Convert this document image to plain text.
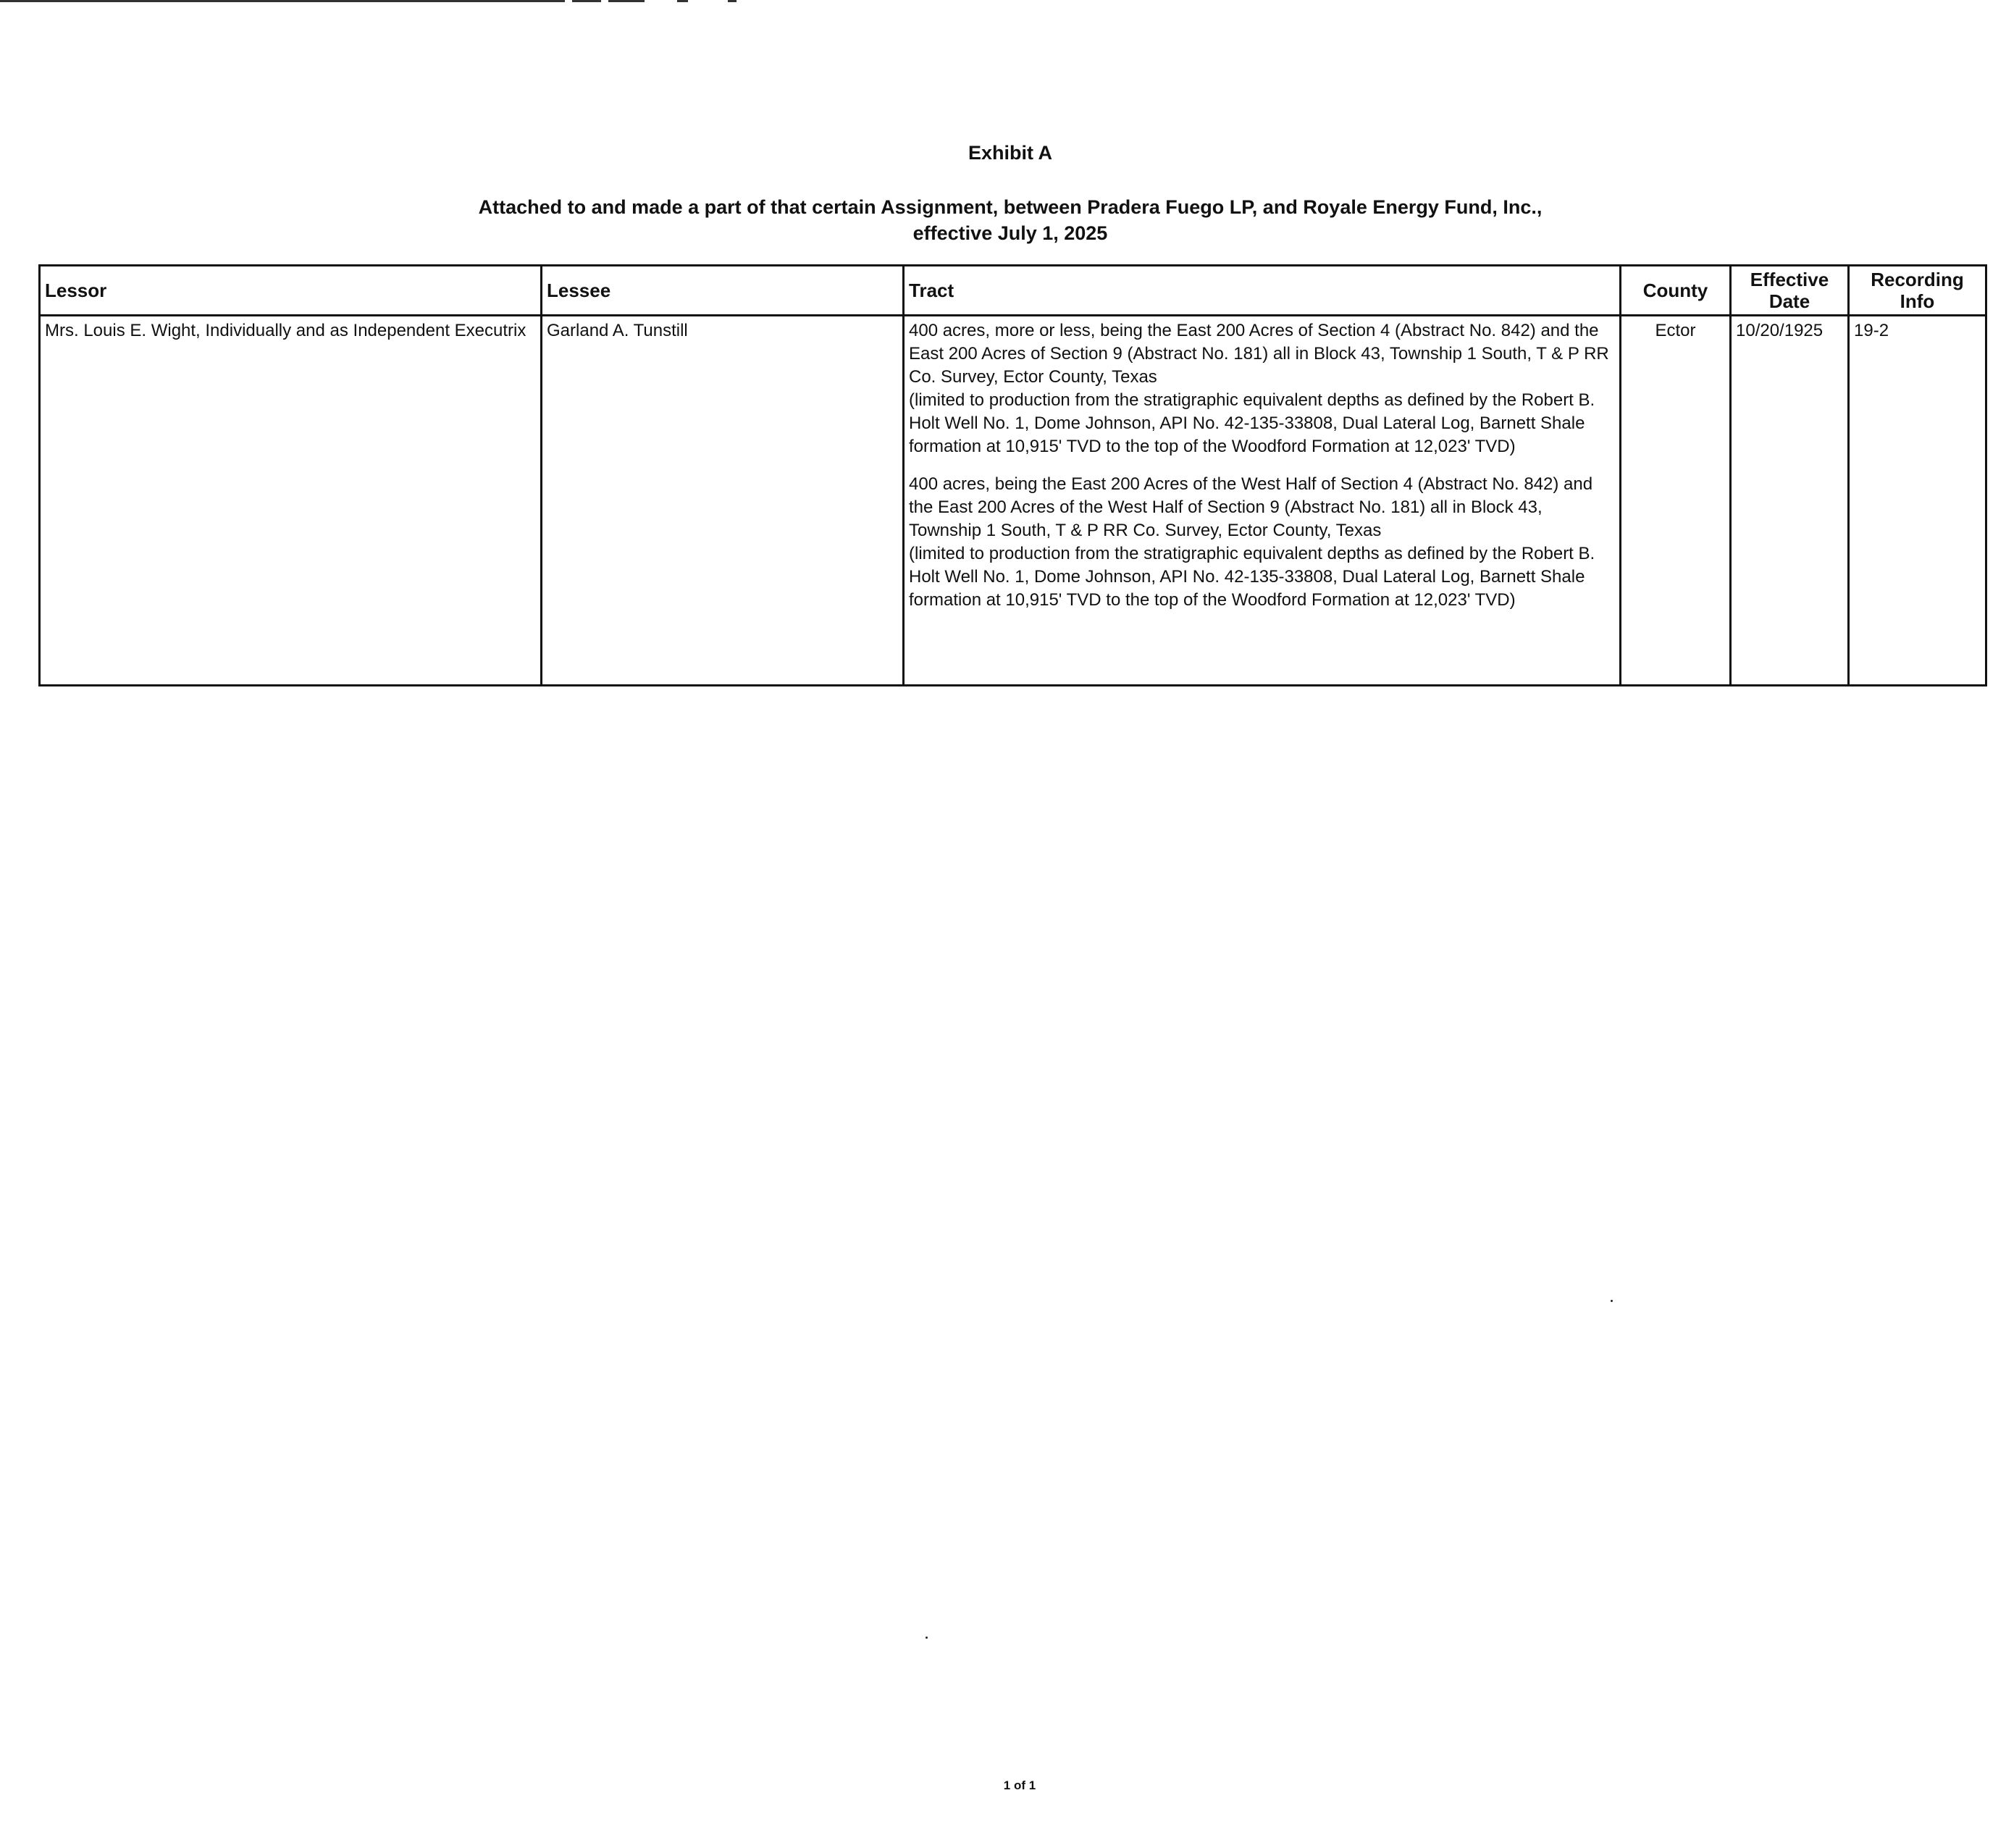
Exhibit A
Attached to and made a part of that certain Assignment, between Pradera Fuego LP, and Royale Energy Fund, Inc.,
effective July 1, 2025
Lessor	Lessee	Tract	County	Effective Date	Recording Info
Mrs. Louis E. Wight, Individually and as Independent Executrix	Garland A. Tunstill	400 acres, more or less, being the East 200 Acres of Section 4 (Abstract No. 842) and the East 200 Acres of Section 9 (Abstract No. 181) all in Block 43, Township 1 South, T & P RR Co. Survey, Ector County, Texas
(limited to production from the stratigraphic equivalent depths as defined by the Robert B. Holt Well No. 1, Dome Johnson, API No. 42-135-33808, Dual Lateral Log, Barnett Shale formation at 10,915' TVD to the top of the Woodford Formation at 12,023' TVD)
400 acres, being the East 200 Acres of the West Half of Section 4 (Abstract No. 842) and the East 200 Acres of the West Half of Section 9 (Abstract No. 181) all in Block 43, Township 1 South, T & P RR Co. Survey, Ector County, Texas
(limited to production from the stratigraphic equivalent depths as defined by the Robert B. Holt Well No. 1, Dome Johnson, API No. 42-135-33808, Dual Lateral Log, Barnett Shale formation at 10,915' TVD to the top of the Woodford Formation at 12,023' TVD)	Ector	10/20/1925	19-2
1 of 1
